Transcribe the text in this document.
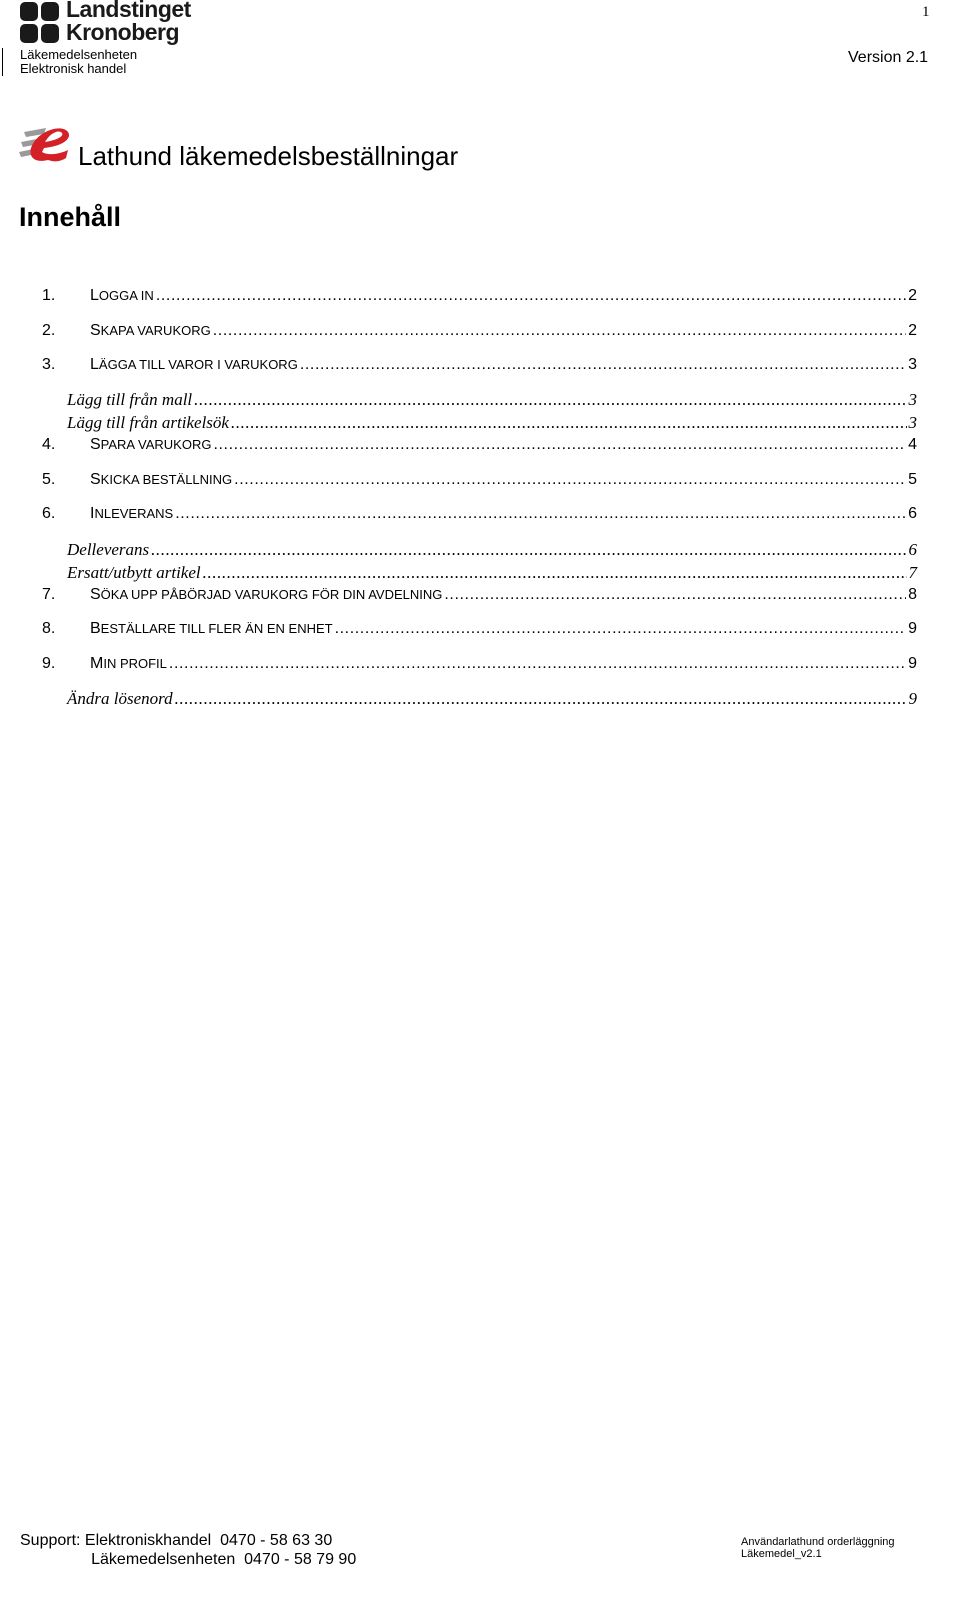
Landstinget
Kronoberg
Läkemedelsenheten
Elektronisk handel
1
Version 2.1
Lathund läkemedelsbeställningar
Innehåll
1.	LOGGA IN .....	2
2.	SKAPA VARUKORG .....	2
3.	LÄGGA TILL VAROR I VARUKORG .....	3
Lägg till från mall .....	3
Lägg till från artikelsök .....	3
4.	SPARA VARUKORG .....	4
5.	SKICKA BESTÄLLNING .....	5
6.	INLEVERANS .....	6
Delleverans .....	6
Ersatt/utbytt artikel .....	7
7.	SÖKA UPP PÅBÖRJAD VARUKORG FÖR DIN AVDELNING .....	8
8.	BESTÄLLARE TILL FLER ÄN EN ENHET .....	9
9.	MIN PROFIL .....	9
Ändra lösenord .....	9
Support: Elektroniskhandel  0470 - 58 63 30
Läkemedelsenheten  0470 - 58 79 90
Användarlathund orderläggning Läkemedel_v2.1
